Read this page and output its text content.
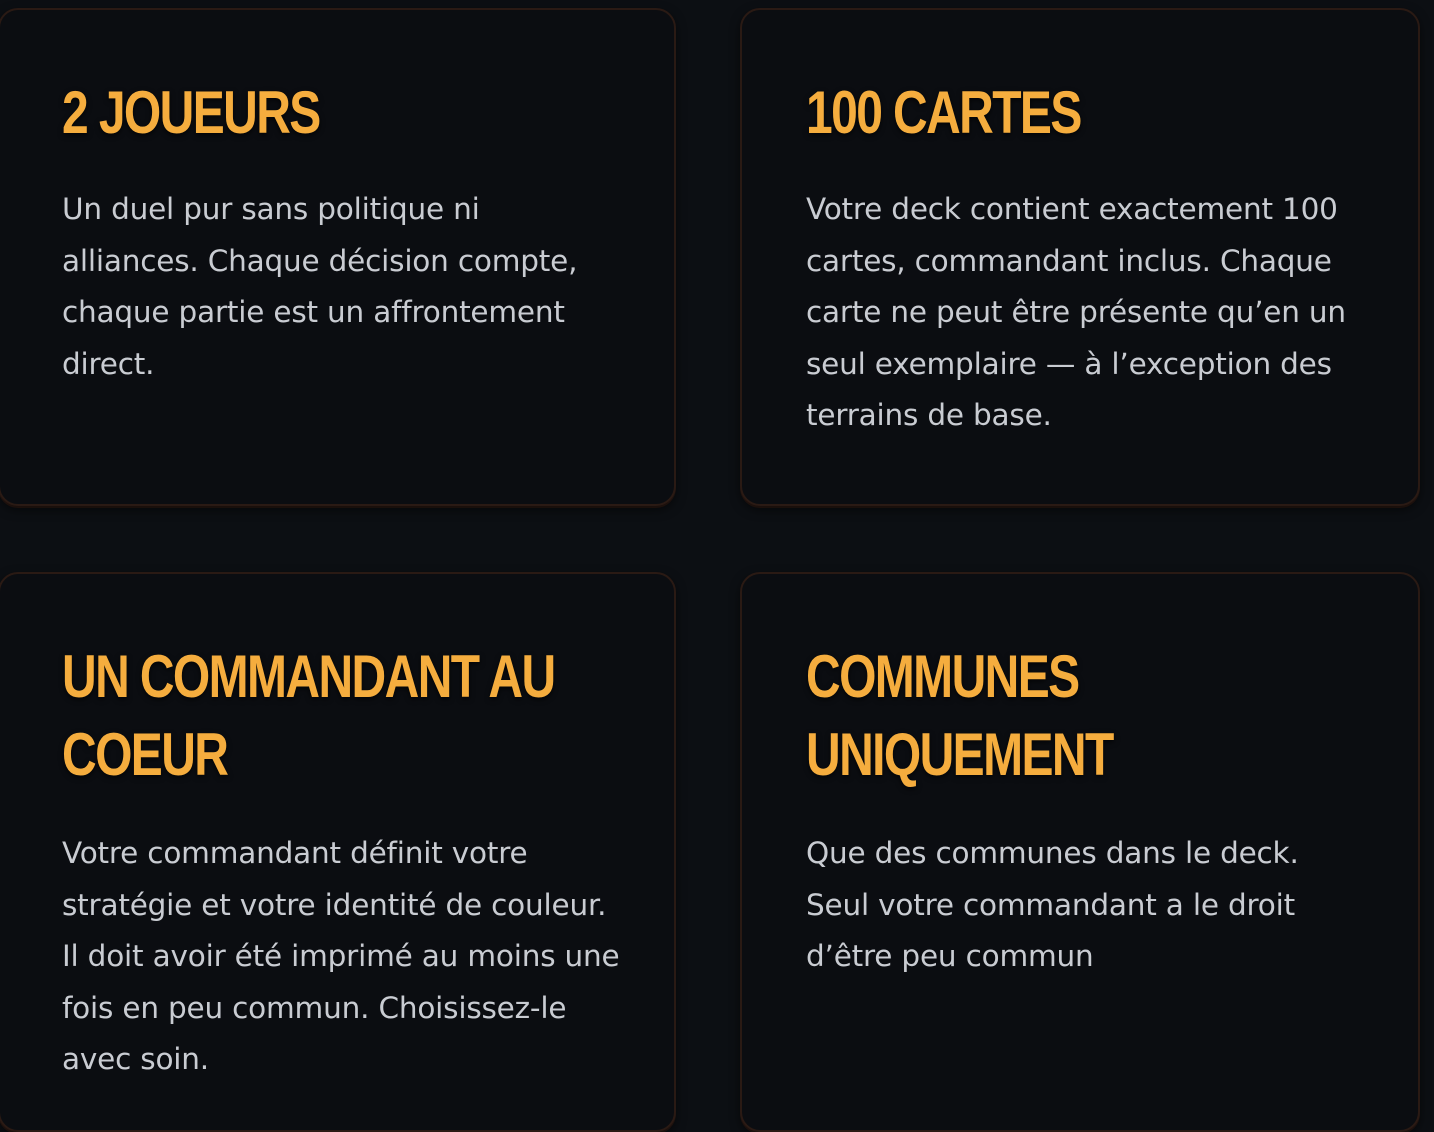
2 JOUEURS

Un duel pur sans politique ni alliances. Chaque décision compte, chaque partie est un affrontement direct.

100 CARTES

Votre deck contient exactement 100 cartes, commandant inclus. Chaque carte ne peut être présente qu’en un seul exemplaire — à l’exception des terrains de base.

UN COMMANDANT AU
COEUR

Votre commandant définit votre stratégie et votre identité de couleur. Il doit avoir été imprimé au moins une fois en peu commun. Choisissez-le avec soin.

COMMUNES
UNIQUEMENT

Que des communes dans le deck. Seul votre commandant a le droit d’être peu commun
